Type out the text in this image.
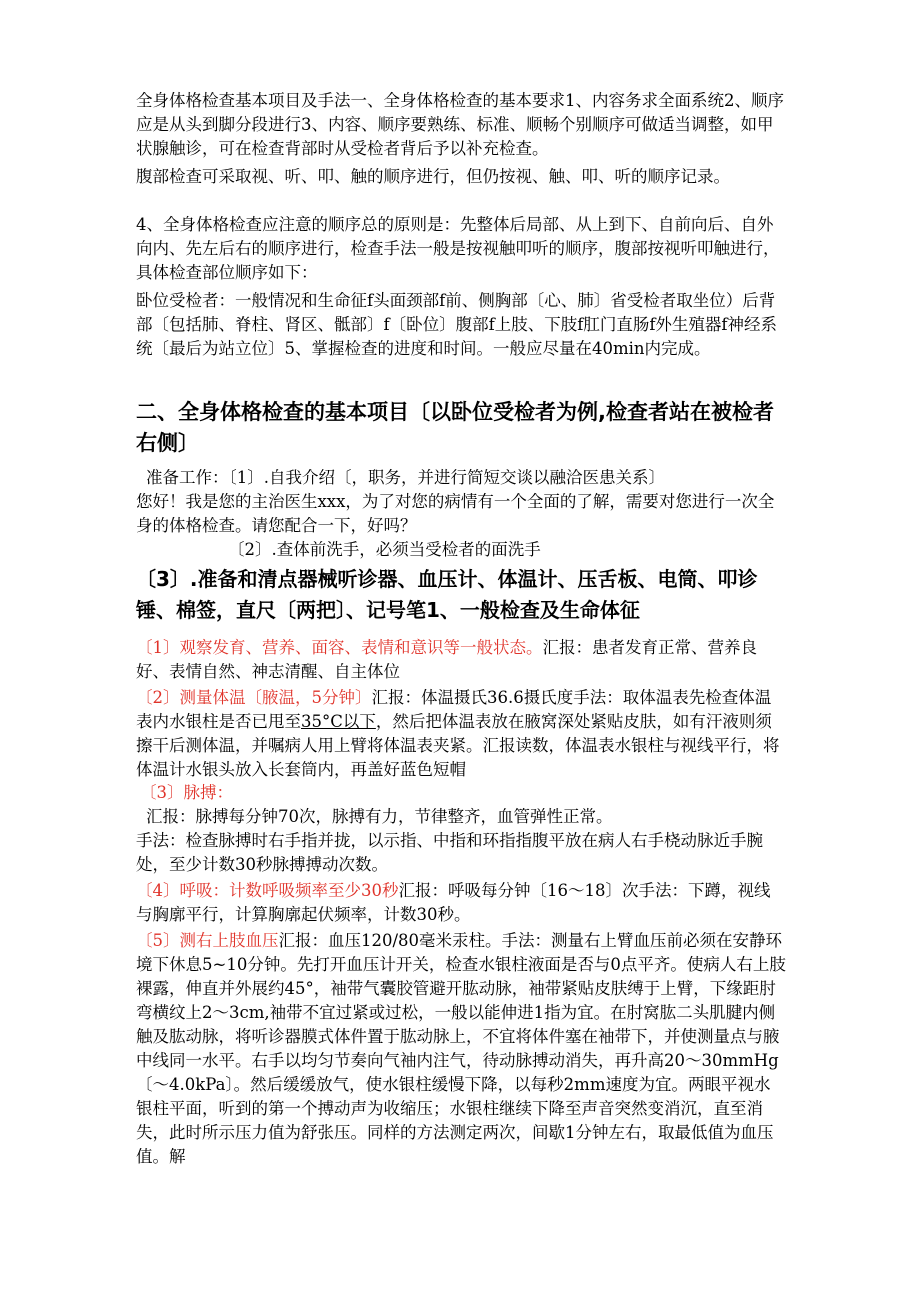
全身体格检查基本项目及手法一、全身体格检查的基本要求1、内容务求全面系统2、顺序应是从头到脚分段进行3、内容、顺序要熟练、标准、顺畅个别顺序可做适当调整，如甲状腺触诊，可在检查背部时从受检者背后予以补充检查。

腹部检查可采取视、听、叩、触的顺序进行，但仍按视、触、叩、听的顺序记录。

4、全身体格检查应注意的顺序总的原则是：先整体后局部、从上到下、自前向后、自外向内、先左后右的顺序进行，检查手法一般是按视触叩听的顺序，腹部按视听叩触进行，具体检查部位顺序如下：

卧位受检者：一般情况和生命征f头面颈部f前、侧胸部〔心、肺〕省受检者取坐位）后背部〔包括肺、脊柱、肾区、骶部〕f〔卧位〕腹部f上肢、下肢f肛门直肠f外生殖器f神经系统〔最后为站立位〕5、掌握检查的进度和时间。一般应尽量在40min内完成。

二、全身体格检查的基本项目〔以卧位受检者为例,检查者站在被检者右侧〕

准备工作：〔1〕.自我介绍〔，职务，并进行简短交谈以融洽医患关系〕

您好！我是您的主治医生xxx，为了对您的病情有一个全面的了解，需要对您进行一次全身的体格检查。请您配合一下，好吗？

〔2〕.查体前洗手，必须当受检者的面洗手

〔3〕.准备和清点器械听诊器、血压计、体温计、压舌板、电筒、叩诊锤、棉签，直尺〔两把〕、记号笔1、一般检查及生命体征

〔1〕观察发育、营养、面容、表情和意识等一般状态。汇报：患者发育正常、营养良好、表情自然、神志清醒、自主体位

〔2〕测量体温〔腋温，5分钟〕汇报：体温摄氏36.6摄氏度手法：取体温表先检查体温表内水银柱是否已甩至35°C以下，然后把体温表放在腋窝深处紧贴皮肤，如有汗液则须擦干后测体温，并嘱病人用上臂将体温表夹紧。汇报读数，体温表水银柱与视线平行，将体温计水银头放入长套筒内，再盖好蓝色短帽

〔3〕脉搏：

汇报：脉搏每分钟70次，脉搏有力，节律整齐，血管弹性正常。

手法：检查脉搏时右手指并拢，以示指、中指和环指指腹平放在病人右手桡动脉近手腕处，至少计数30秒脉搏搏动次数。

〔4〕呼吸：计数呼吸频率至少30秒汇报：呼吸每分钟〔16～18〕次手法：下蹲，视线与胸廓平行，计算胸廓起伏频率，计数30秒。

〔5〕测右上肢血压汇报：血压120/80毫米汞柱。手法：测量右上臂血压前必须在安静环境下休息5~10分钟。先打开血压计开关，检查水银柱液面是否与0点平齐。使病人右上肢裸露，伸直并外展约45°，袖带气囊胶管避开肱动脉，袖带紧贴皮肤缚于上臂，下缘距肘弯横纹上2～3cm,袖带不宜过紧或过松，一般以能伸进1指为宜。在肘窝肱二头肌腱内侧触及肱动脉，将听诊器膜式体件置于肱动脉上，不宜将体件塞在袖带下，并使测量点与腋中线同一水平。右手以均匀节奏向气袖内注气，待动脉搏动消失，再升高20～30mmHg〔～4.0kPa〕。然后缓缓放气，使水银柱缓慢下降，以每秒2mm速度为宜。两眼平视水银柱平面，听到的第一个搏动声为收缩压；水银柱继续下降至声音突然变消沉，直至消失，此时所示压力值为舒张压。同样的方法测定两次，间歇1分钟左右，取最低值为血压值。解
